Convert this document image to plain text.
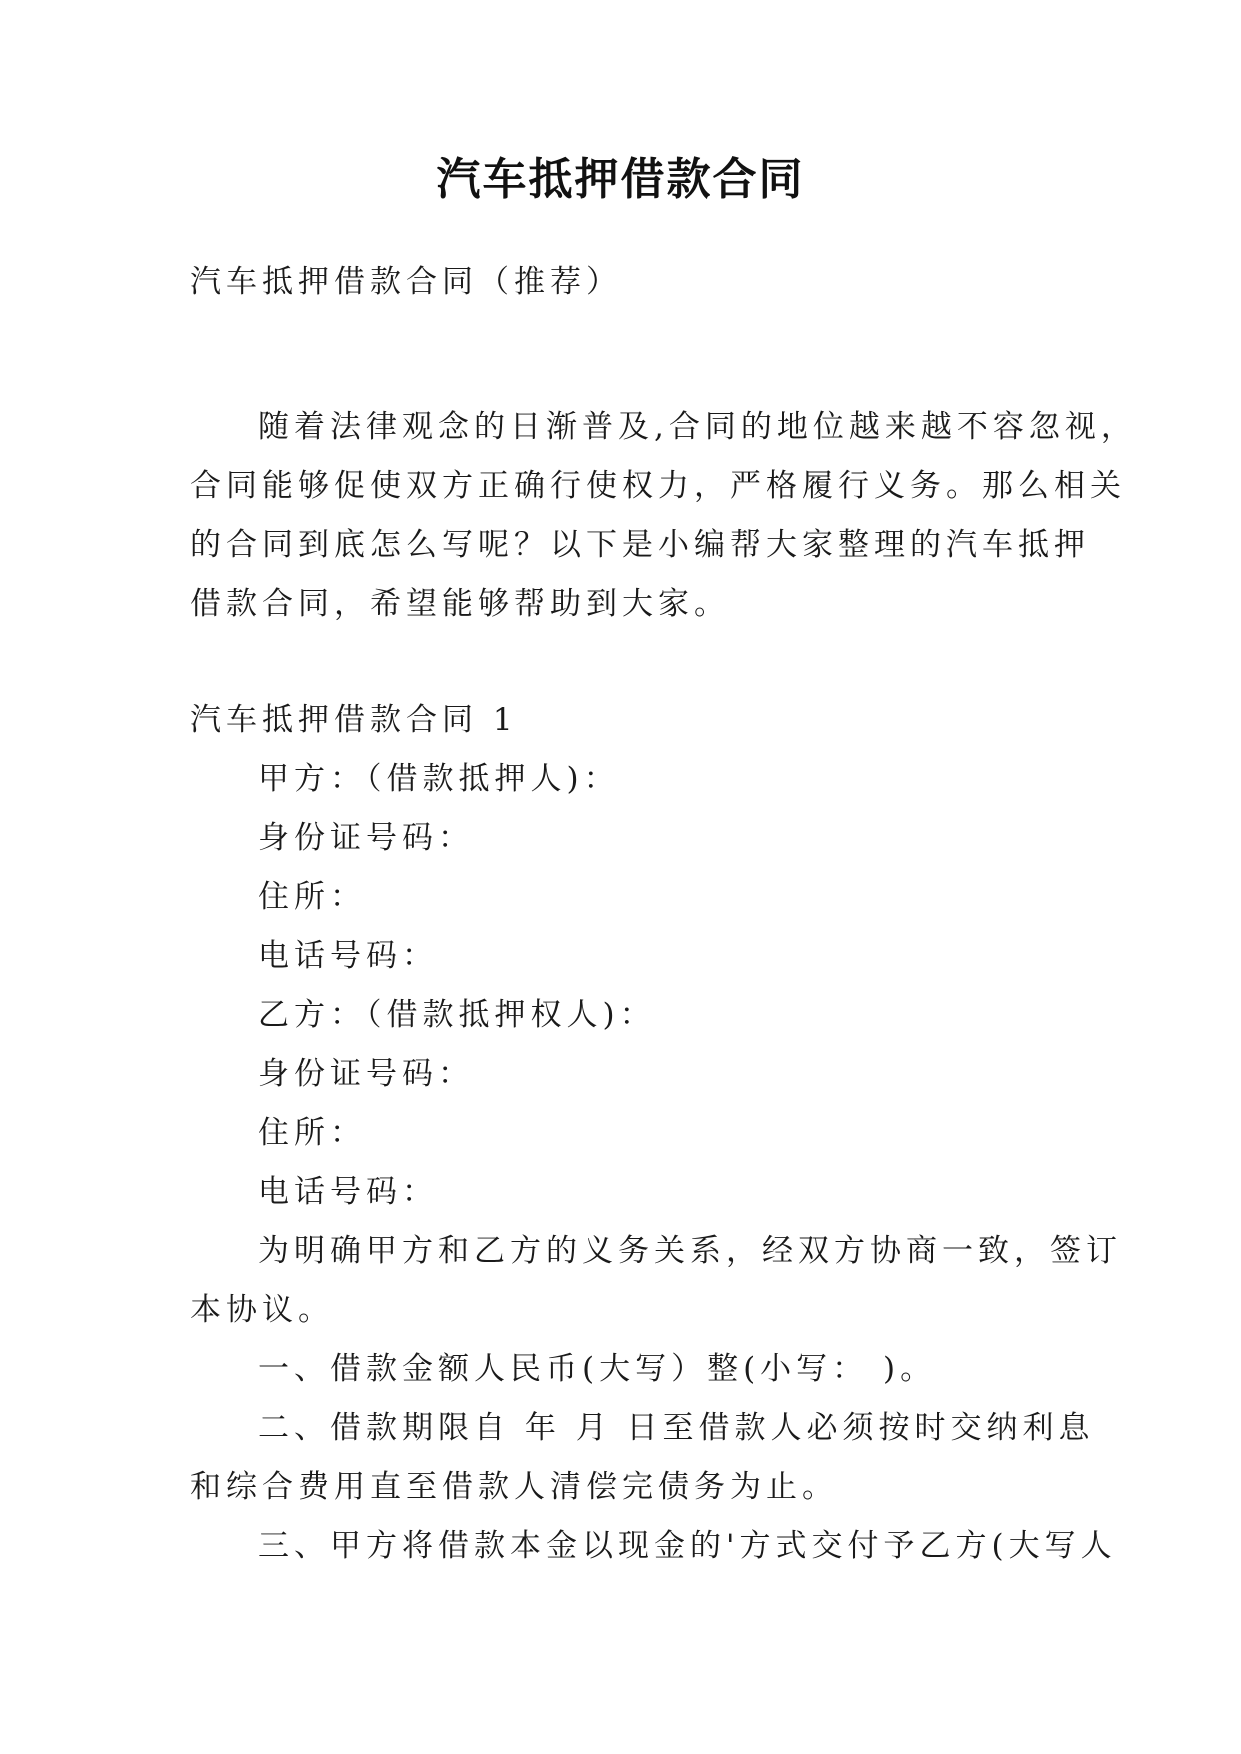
汽车抵押借款合同
汽车抵押借款合同（推荐）
随着法律观念的日渐普及,合同的地位越来越不容忽视，
合同能够促使双方正确行使权力，严格履行义务。那么相关
的合同到底怎么写呢？以下是小编帮大家整理的汽车抵押
借款合同，希望能够帮助到大家。
汽车抵押借款合同 1
甲方：（借款抵押人)：
身份证号码：
住所：
电话号码：
乙方：（借款抵押权人)：
身份证号码：
住所：
电话号码：
为明确甲方和乙方的义务关系，经双方协商一致，签订
本协议。
一、借款金额人民币(大写）整(小写： )。
二、借款期限自 年 月 日至借款人必须按时交纳利息
和综合费用直至借款人清偿完债务为止。
三、甲方将借款本金以现金的'方式交付予乙方(大写人
